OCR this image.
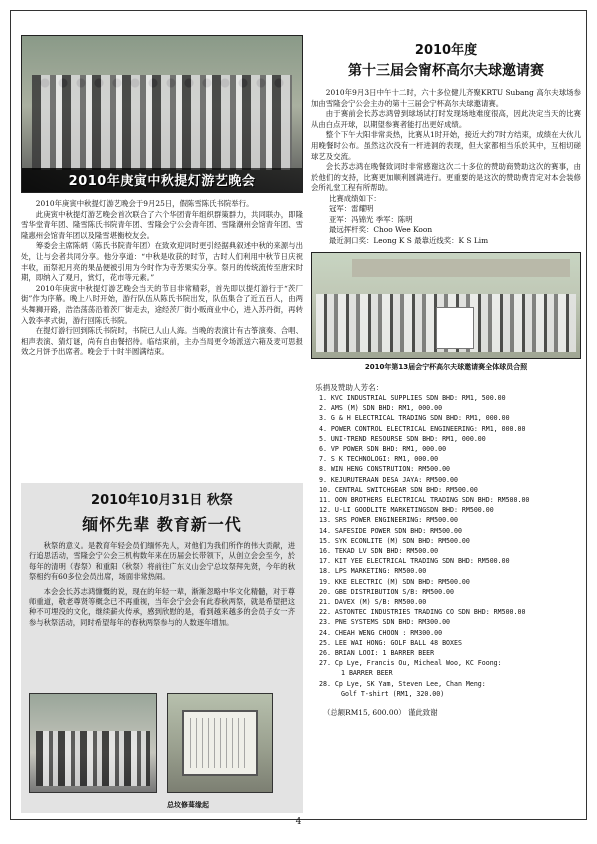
2010年庚寅中秋提灯游艺晚会

2010年庚寅中秋提灯游艺晚会于9月25日，假陈雪陈氏书院举行。

此庚寅中秋提灯游艺晚会首次联合了六个华团青年组织群策群力，共同联办，即隆雪华堂青年团、隆雪陈氏书院青年团、雪隆会宁公会青年团、雪隆潮州会馆青年团、雪隆惠州会馆青年团以及隆雪堪衡校友会。

筹委会主席陈炳（陈氏书院青年团）在致欢迎词时更引经据典叙述中秋的来源与出处，让与会者共同分享。他分享道：“中秋是收获的时节，古时人们利用中秋节日庆祝丰收，而祭祀月亮的果品便被引用为今时作为寺芳果实分享。祭月的传统流传至唐宋时期，即纳入了观月，赏灯，花市等元素。”

2010年庚寅中秋提灯游艺晚会当天的节目非常精彩，首先即以提灯游行于“茨厂街”作为序幕。晚上八时开始，游行队伍从陈氏书院出发，队伍集合了近五百人，由两头舞狮开路，浩浩荡荡沿着茨厂街走去，途经茨厂街小贩商业中心，进入苏丹街，再转入敦李孝式街，游行回陈氏书院。

在提灯游行回到陈氏书院时，书院已人山人海。当晚的表演计有古筝演奏、合唱、相声表演、猜灯谜，尚有自由餐招待。临结束前，主办当局更令场派送六箱及麦可思报效之月饼予出席者。晚会于十时半圆满结束。

2010年10月31日 秋祭
缅怀先辈 教育新一代

秋祭的意义。是教育年轻会员们缅怀先人，对他们为我们所作的伟大贡献，进行追思活动，雪隆会宁公会三机构数年来在历届会长带领下，从创立会会至今，於每年的清明（春祭）和重阳（秋祭）将前往广东义山会宁总坟祭拜先贤，今年的秋祭相约有60多位会员出席，场面非常热闹。

本会会长苏志鸿慷慨的说，现在的年轻一辈，渐渐忽略中华文化精髓，对于尊师重道，敬老尊贤等概念已不再重视，当年会宁会会有此春秋两祭，就是希望把这种不可埋没的文化，继续薪火传承，感到欣慰的是，看到越来越多的会员子女一齐参与秋祭活动，同时希望每年的春秋两祭参与的人数逐年增加。

总坟修葺缘起
2010年度
第十三届会甯杯高尔夫球邀请赛

2010年9月3日中午十二时，六十多位健儿齐聚KRTU Subang 高尔夫球场参加由雪隆会宁公会主办的第十三届会宁杯高尔夫球邀请赛。

由于赛前会长苏志鸿曾到球场试打时发现场地难度很高，因此决定当天的比赛从由白点开球，以期望参赛者能打出更好成绩。

整个下午大阳非常炎热，比赛从1时开始，接近大约7时方结束，成绩在大伙儿用晚餐时公布。虽然这次没有一杆进洞的表现，但大家都相当乐於其中，互相切磋球艺及交流。

会长苏志鸿在晚餐致词时非常感谢这次二十多位的赞助商赞助这次的赛事，由於他们的支持，比赛更加顺利圆满进行。更重要的是这次的赞助费肯定对本会装修会所礼堂工程有所帮助。

比赛成绩如下：
冠军：雷耀明
亚军：冯锦光 季军：陈明
最远挥杆奖：Choo Wee Koon
最近洞口奖：Leong K S 最靠近线奖：K S Lim
2010年第13届会宁杯高尔夫球邀请赛全体球员合照
乐捐及赞助人芳名：
1. KVC INDUSTRIAL SUPPLIES SDN BHD: RM1, 500.00
2. AMS (M) SDN BHD: RM1, 000.00
3. G & H ELECTRICAL TRADING SDN BHD: RM1, 000.00
4. POWER CONTROL ELECTRICAL ENGINEERING: RM1, 000.00
5. UNI-TREND RESOURSE SDN BHD: RM1, 000.00
6. VP POWER SDN BHD: RM1, 000.00
7. S K TECHNOLOGI: RM1, 000.00
8. WIN HENG CONSTRUTION: RM500.00
9. KEJURUTERAAN DESA JAYA: RM500.00
10. CENTRAL SWITCHGEAR SDN BHD: RM500.00
11. OON BROTHERS ELECTRICAL TRADING SDN BHD: RM500.00
12. U-LI GOODLITE MARKETINGSDN BHD: RM500.00
13. SRS POWER ENGINEERING: RM500.00
14. SAFESIDE POWER SDN BHD: RM500.00
15. SYK ECONLITE (M) SDN BHD: RM500.00
16. TEKAD LV SDN BHD: RM500.00
17. KIT YEE ELECTRICAL TRADING SDN BHD: RM500.00
18. LPS MARKETING: RM500.00
19. KKE ELECTRIC (M) SDN BHD: RM500.00
20. GBE DISTRIBUTION S/B: RM500.00
21. DAVEX (M) S/B: RM500.00
22. ASTONTEC INDUSTRIES TRADING CO SDN BHD: RM500.00
23. PNE SYSTEMS SDN BHD: RM300.00
24. CHEAH WENG CHOON : RM300.00
25. LEE WAI HONG: GOLF BALL 48 BOXES
26. BRIAN LOOI: 1 BARRER BEER
27. Cp Lye, Francis Ou, Micheal Woo, KC Foong:
1 BARRER BEER
28. Cp Lye, SK Yam, Steven Lee, Chan Meng:
Golf T-shirt (RM1, 320.00)
（总额RM15, 600.00） 谨此致谢
4
